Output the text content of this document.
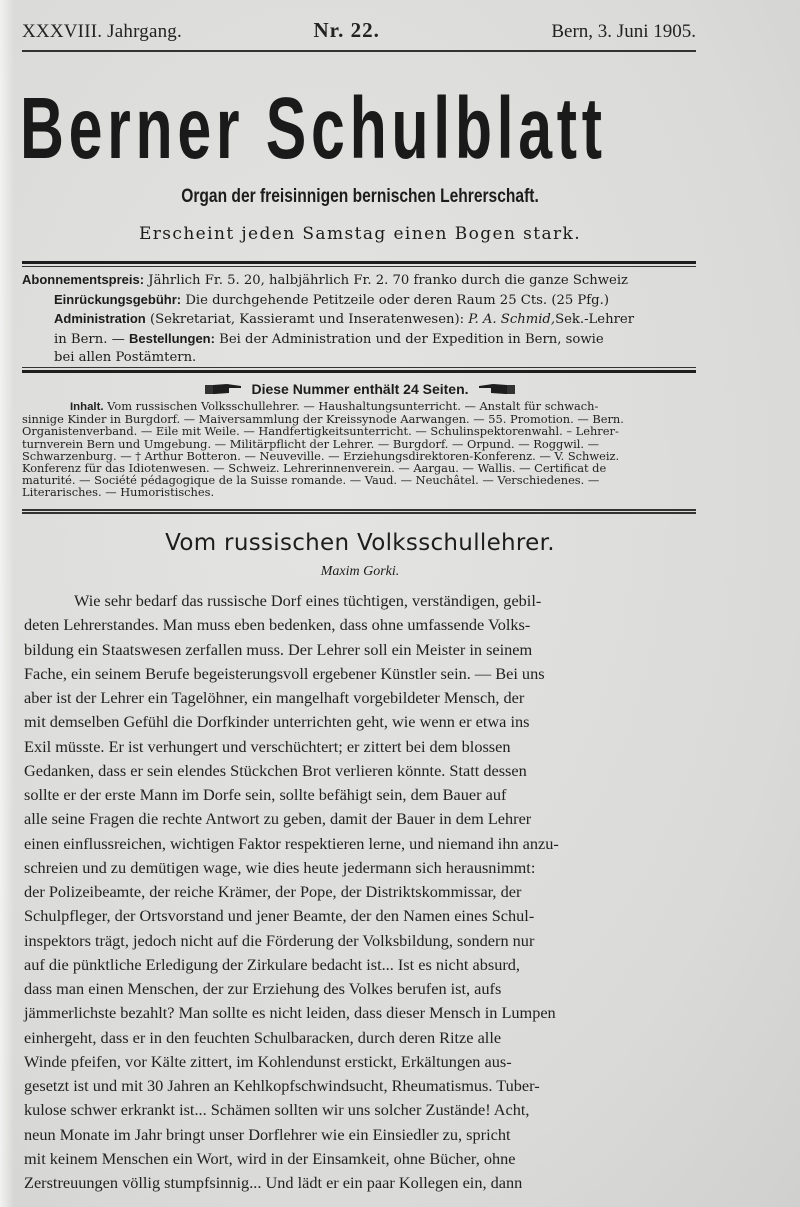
XXXVIII. Jahrgang.	Nr. 22.	Bern, 3. Juni 1905.
Berner Schulblatt
Organ der freisinnigen bernischen Lehrerschaft.
Erscheint jeden Samstag einen Bogen stark.
Abonnementspreis: Jährlich Fr. 5. 20, halbjährlich Fr. 2. 70 franko durch die ganze Schweiz
Einrückungsgebühr: Die durchgehende Petitzeile oder deren Raum 25 Cts. (25 Pfg.)
Administration (Sekretariat, Kassieramt und Inseratenwesen): P. A. Schmid,Sek.-Lehrer
in Bern. — Bestellungen: Bei der Administration und der Expedition in Bern, sowie
bei allen Postämtern.
Diese Nummer enthält 24 Seiten.
Inhalt. Vom russischen Volksschullehrer. — Haushaltungsunterricht. — Anstalt für schwach-
sinnige Kinder in Burgdorf. — Maiversammlung der Kreissynode Aarwangen. — 55. Promotion. — Bern.
Organistenverband. — Eile mit Weile. — Handfertigkeitsunterricht. — Schulinspektorenwahl. – Lehrer-
turnverein Bern und Umgebung. — Militärpflicht der Lehrer. — Burgdorf. — Orpund. — Roggwil. —
Schwarzenburg. — † Arthur Botteron. — Neuveville. — Erziehungsdirektoren-Konferenz. — V. Schweiz.
Konferenz für das Idiotenwesen. — Schweiz. Lehrerinnenverein. — Aargau. — Wallis. — Certificat de
maturité. — Société pédagogique de la Suisse romande. — Vaud. — Neuchâtel. — Verschiedenes. —
Literarisches. — Humoristisches.
Vom russischen Volksschullehrer.
Maxim Gorki.
Wie sehr bedarf das russische Dorf eines tüchtigen, verständigen, gebil-
deten Lehrerstandes. Man muss eben bedenken, dass ohne umfassende Volks-
bildung ein Staatswesen zerfallen muss. Der Lehrer soll ein Meister in seinem
Fache, ein seinem Berufe begeisterungsvoll ergebener Künstler sein. — Bei uns
aber ist der Lehrer ein Tagelöhner, ein mangelhaft vorgebildeter Mensch, der
mit demselben Gefühl die Dorfkinder unterrichten geht, wie wenn er etwa ins
Exil müsste. Er ist verhungert und verschüchtert; er zittert bei dem blossen
Gedanken, dass er sein elendes Stückchen Brot verlieren könnte. Statt dessen
sollte er der erste Mann im Dorfe sein, sollte befähigt sein, dem Bauer auf
alle seine Fragen die rechte Antwort zu geben, damit der Bauer in dem Lehrer
einen einflussreichen, wichtigen Faktor respektieren lerne, und niemand ihn anzu-
schreien und zu demütigen wage, wie dies heute jedermann sich herausnimmt:
der Polizeibeamte, der reiche Krämer, der Pope, der Distriktskommissar, der
Schulpfleger, der Ortsvorstand und jener Beamte, der den Namen eines Schul-
inspektors trägt, jedoch nicht auf die Förderung der Volksbildung, sondern nur
auf die pünktliche Erledigung der Zirkulare bedacht ist... Ist es nicht absurd,
dass man einen Menschen, der zur Erziehung des Volkes berufen ist, aufs
jämmerlichste bezahlt? Man sollte es nicht leiden, dass dieser Mensch in Lumpen
einhergeht, dass er in den feuchten Schulbaracken, durch deren Ritze alle
Winde pfeifen, vor Kälte zittert, im Kohlendunst erstickt, Erkältungen aus-
gesetzt ist und mit 30 Jahren an Kehlkopfschwindsucht, Rheumatismus. Tuber-
kulose schwer erkrankt ist... Schämen sollten wir uns solcher Zustände! Acht,
neun Monate im Jahr bringt unser Dorflehrer wie ein Einsiedler zu, spricht
mit keinem Menschen ein Wort, wird in der Einsamkeit, ohne Bücher, ohne
Zerstreuungen völlig stumpfsinnig... Und lädt er ein paar Kollegen ein, dann
